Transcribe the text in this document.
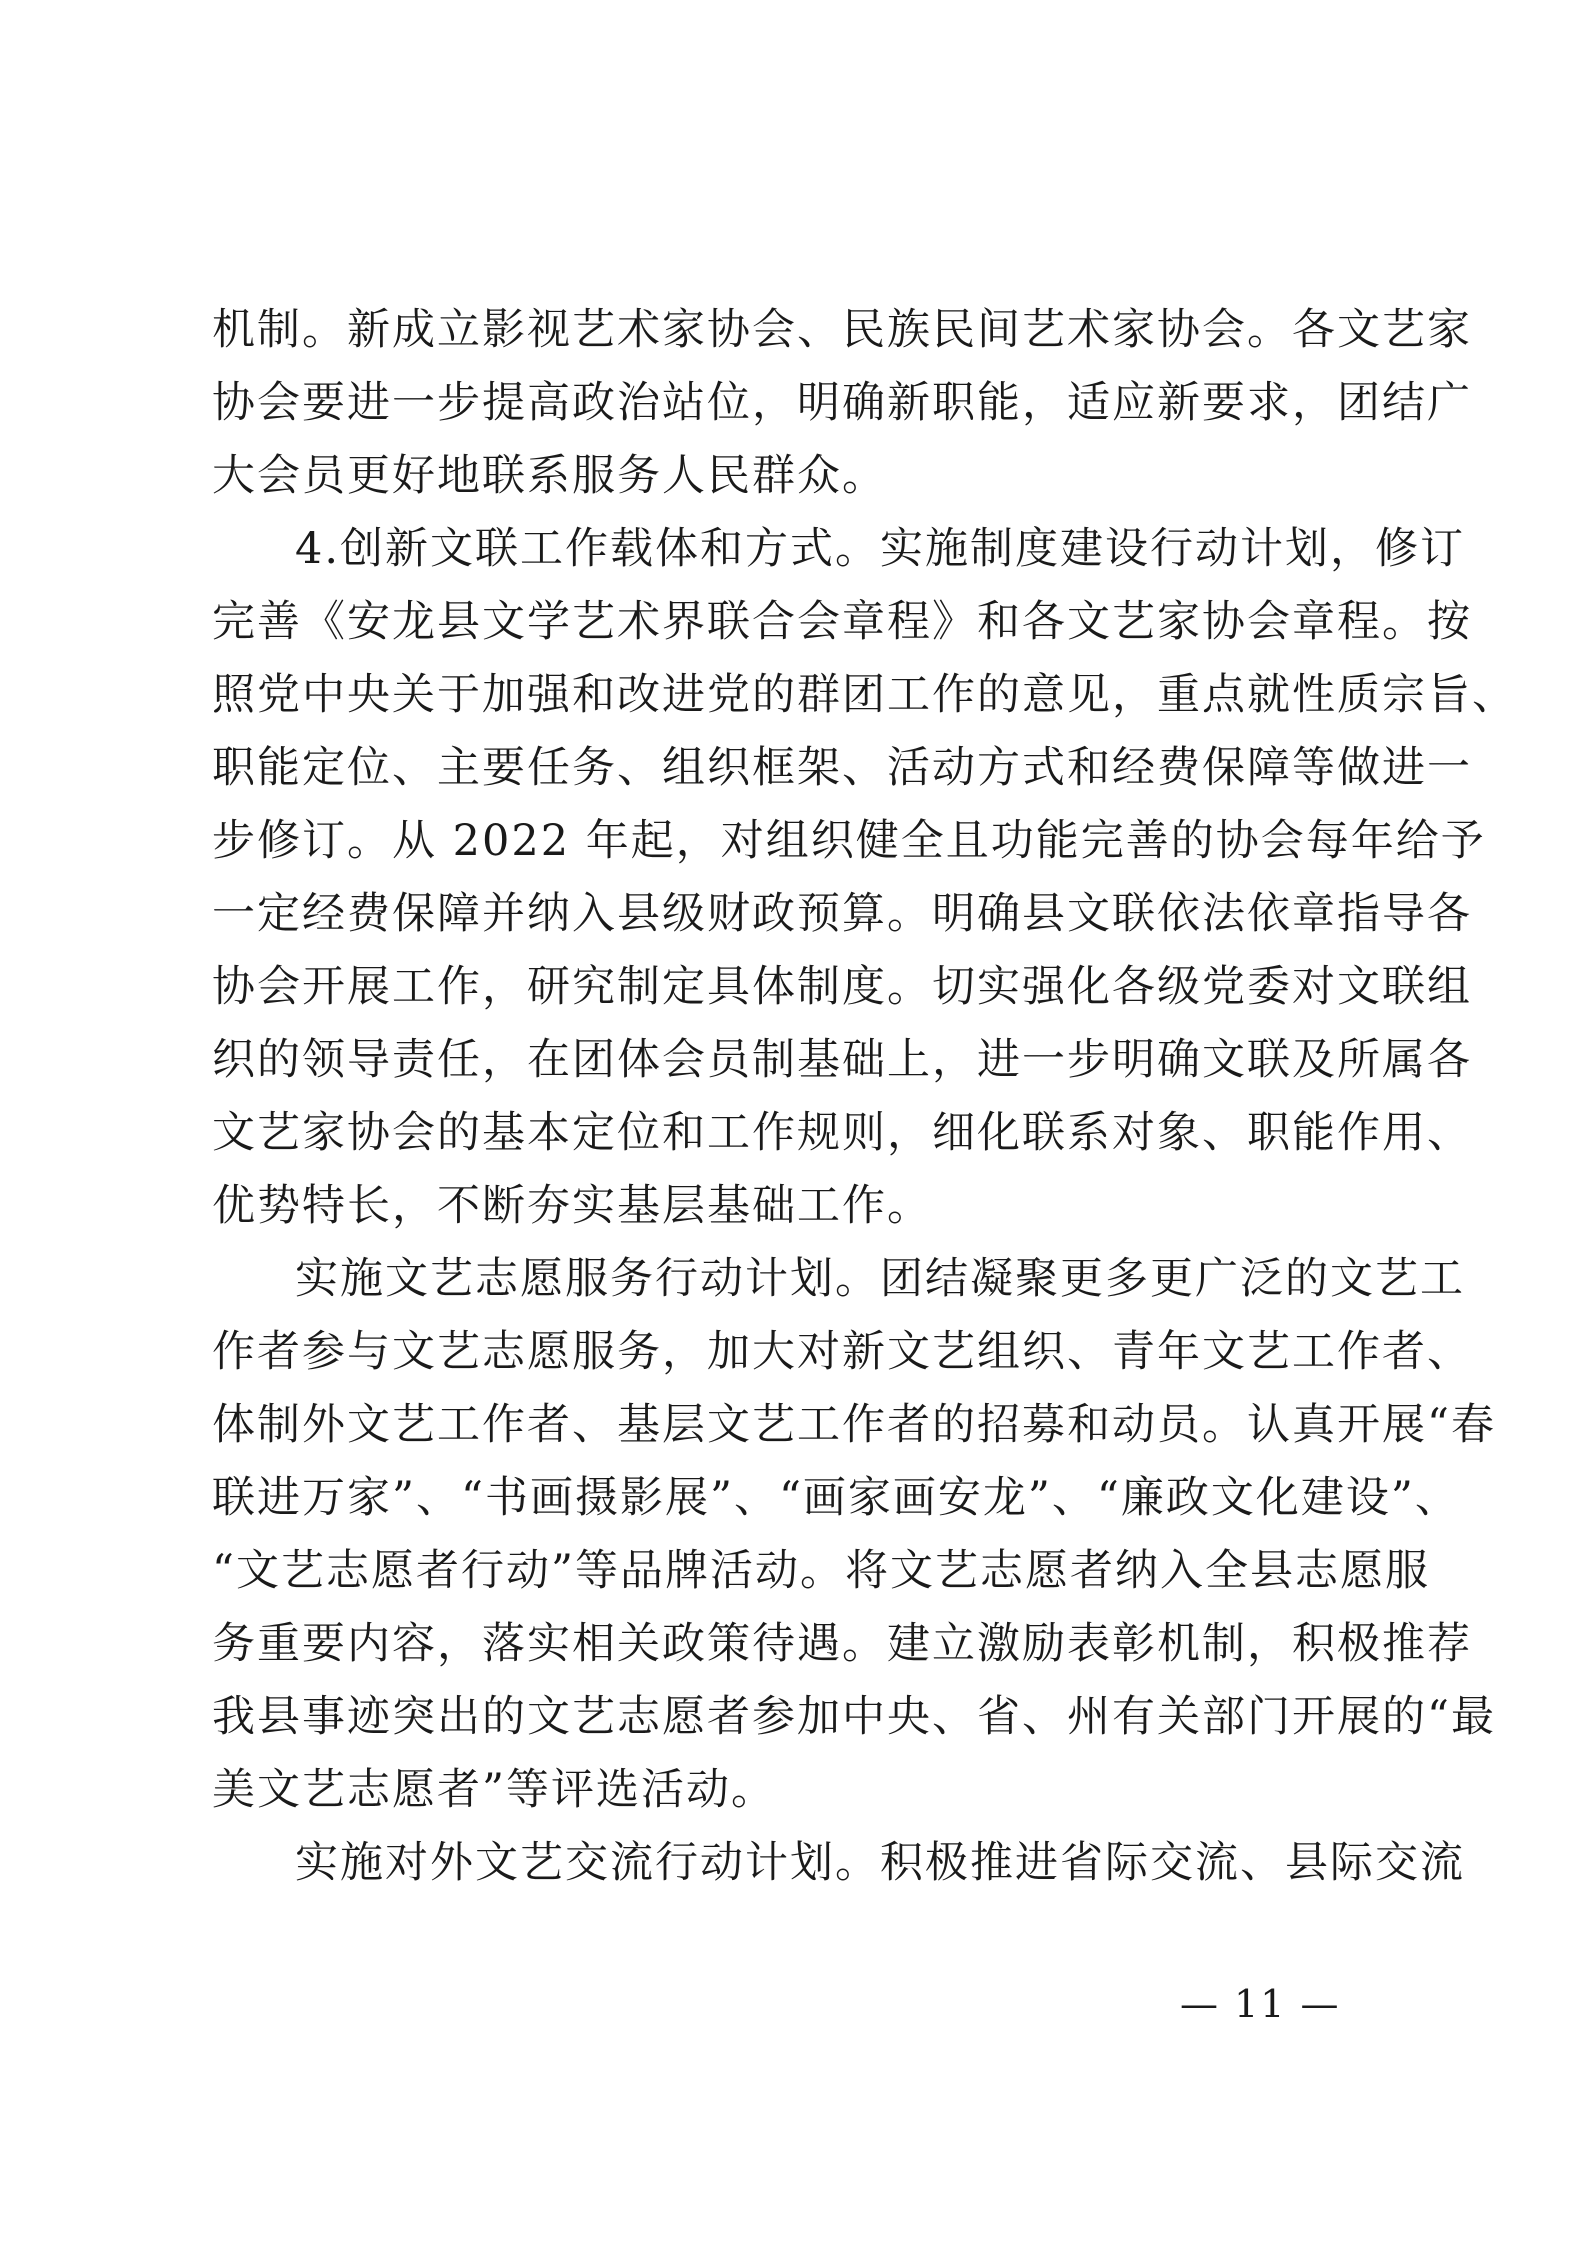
机制。新成立影视艺术家协会、民族民间艺术家协会。各文艺家
协会要进一步提高政治站位，明确新职能，适应新要求，团结广
大会员更好地联系服务人民群众。
4.创新文联工作载体和方式。实施制度建设行动计划，修订
完善《安龙县文学艺术界联合会章程》和各文艺家协会章程。按
照党中央关于加强和改进党的群团工作的意见，重点就性质宗旨、
职能定位、主要任务、组织框架、活动方式和经费保障等做进一
步修订。从 2022 年起，对组织健全且功能完善的协会每年给予
一定经费保障并纳入县级财政预算。明确县文联依法依章指导各
协会开展工作，研究制定具体制度。切实强化各级党委对文联组
织的领导责任，在团体会员制基础上，进一步明确文联及所属各
文艺家协会的基本定位和工作规则，细化联系对象、职能作用、
优势特长，不断夯实基层基础工作。
实施文艺志愿服务行动计划。团结凝聚更多更广泛的文艺工
作者参与文艺志愿服务，加大对新文艺组织、青年文艺工作者、
体制外文艺工作者、基层文艺工作者的招募和动员。认真开展“春
联进万家”、“书画摄影展”、“画家画安龙”、“廉政文化建设”、
“文艺志愿者行动”等品牌活动。将文艺志愿者纳入全县志愿服
务重要内容，落实相关政策待遇。建立激励表彰机制，积极推荐
我县事迹突出的文艺志愿者参加中央、省、州有关部门开展的“最
美文艺志愿者”等评选活动。
实施对外文艺交流行动计划。积极推进省际交流、县际交流
— 11 —
